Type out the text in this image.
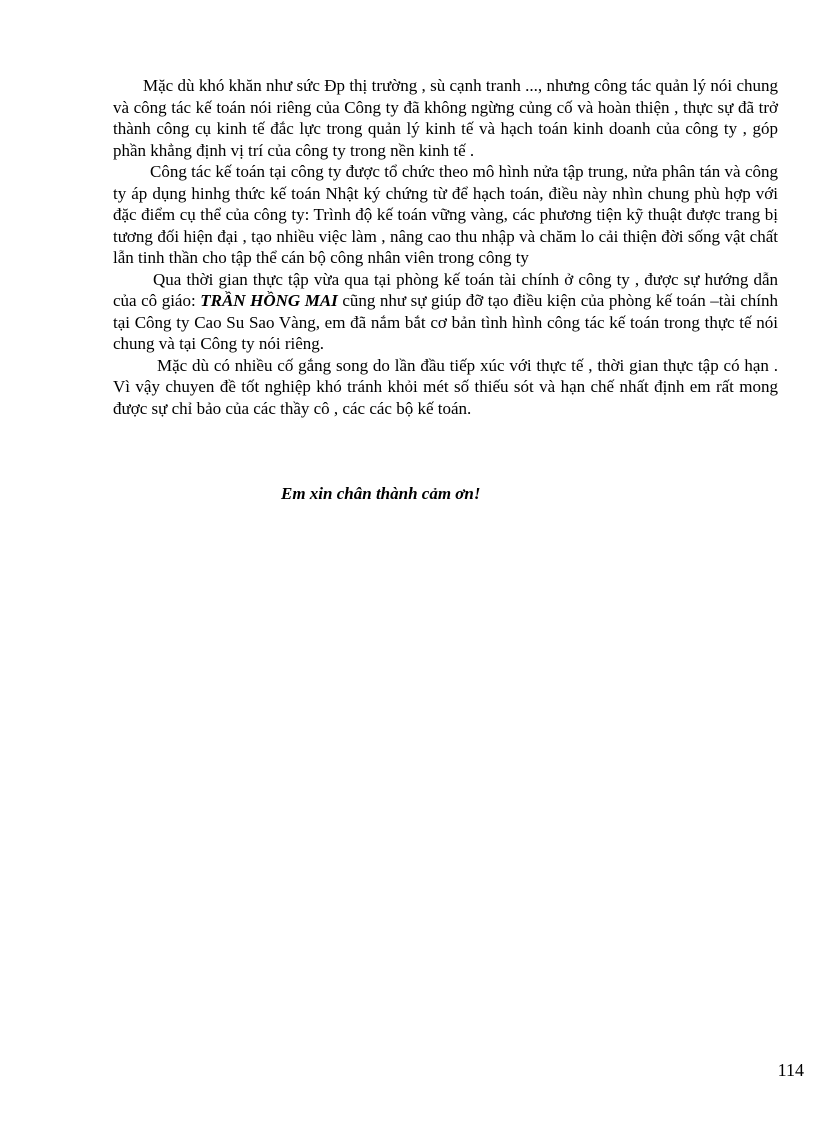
Mặc dù khó khăn như sức Đp thị trường , sù cạnh tranh ..., nhưng công tác quản lý nói chung và công tác kế toán nói riêng của Công ty đã không ngừng củng cố và hoàn thiện , thực sự đã trở thành công cụ kinh tế đắc lực trong quản lý kinh tế và hạch toán kinh doanh của công ty , góp phần khẳng định vị trí của công ty trong nền kinh tế .

Công tác kế toán tại công ty được tổ chức theo mô hình nửa tập trung, nửa phân tán và công ty áp dụng hinhg thức kế toán Nhật ký chứng từ để hạch toán, điều này nhìn chung phù hợp với đặc điểm cụ thể của công ty: Trình độ kế toán vững vàng, các phương tiện kỹ thuật được trang bị tương đối hiện đại , tạo nhiều việc làm , nâng cao thu nhập và chăm lo cải thiện đời sống vật chất lẫn tinh thần cho tập thể cán bộ công nhân viên trong công ty

Qua thời gian thực tập vừa qua tại phòng kế toán tài chính ở công ty , được sự hướng dẫn của cô giáo: TRẦN HỒNG MAI cũng như sự giúp đỡ tạo điều kiện của phòng kế toán –tài chính tại Công ty Cao Su Sao Vàng, em đã nắm bắt cơ bản tình hình công tác kế toán trong thực tế nói chung và tại Công ty nói riêng.

Mặc dù có nhiều cố gắng song do lần đầu tiếp xúc với thực tế , thời gian thực tập có hạn . Vì vậy chuyen đề tốt nghiệp khó tránh khỏi mét số thiếu sót và hạn chế nhất định em rất mong được sự chỉ bảo của các thầy cô , các các bộ kế toán.

Em xin chân thành cảm ơn!
114
